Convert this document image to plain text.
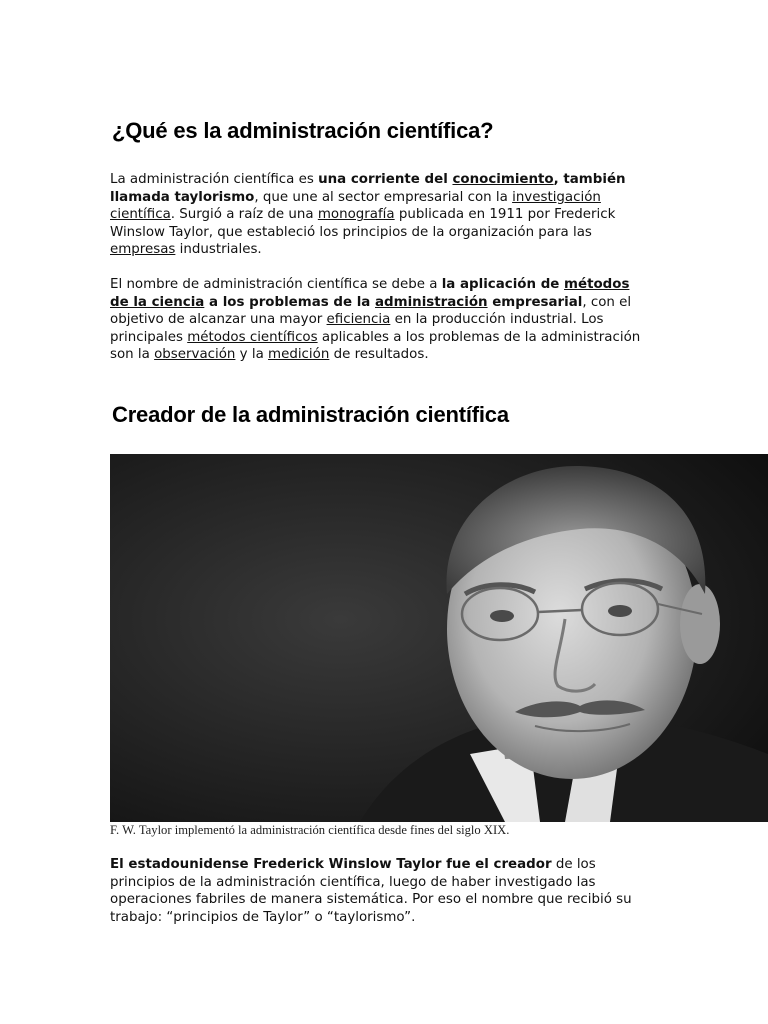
¿Qué es la administración científica?

La administración científica es una corriente del conocimiento, también llamada taylorismo, que une al sector empresarial con la investigación científica. Surgió a raíz de una monografía publicada en 1911 por Frederick Winslow Taylor, que estableció los principios de la organización para las empresas industriales.

El nombre de administración científica se debe a la aplicación de métodos de la ciencia a los problemas de la administración empresarial, con el objetivo de alcanzar una mayor eficiencia en la producción industrial. Los principales métodos científicos aplicables a los problemas de la administración son la observación y la medición de resultados.

Creador de la administración científica

F. W. Taylor implementó la administración científica desde fines del siglo XIX.

El estadounidense Frederick Winslow Taylor fue el creador de los principios de la administración científica, luego de haber investigado las operaciones fabriles de manera sistemática. Por eso el nombre que recibió su trabajo: “principios de Taylor” o “taylorismo”.
